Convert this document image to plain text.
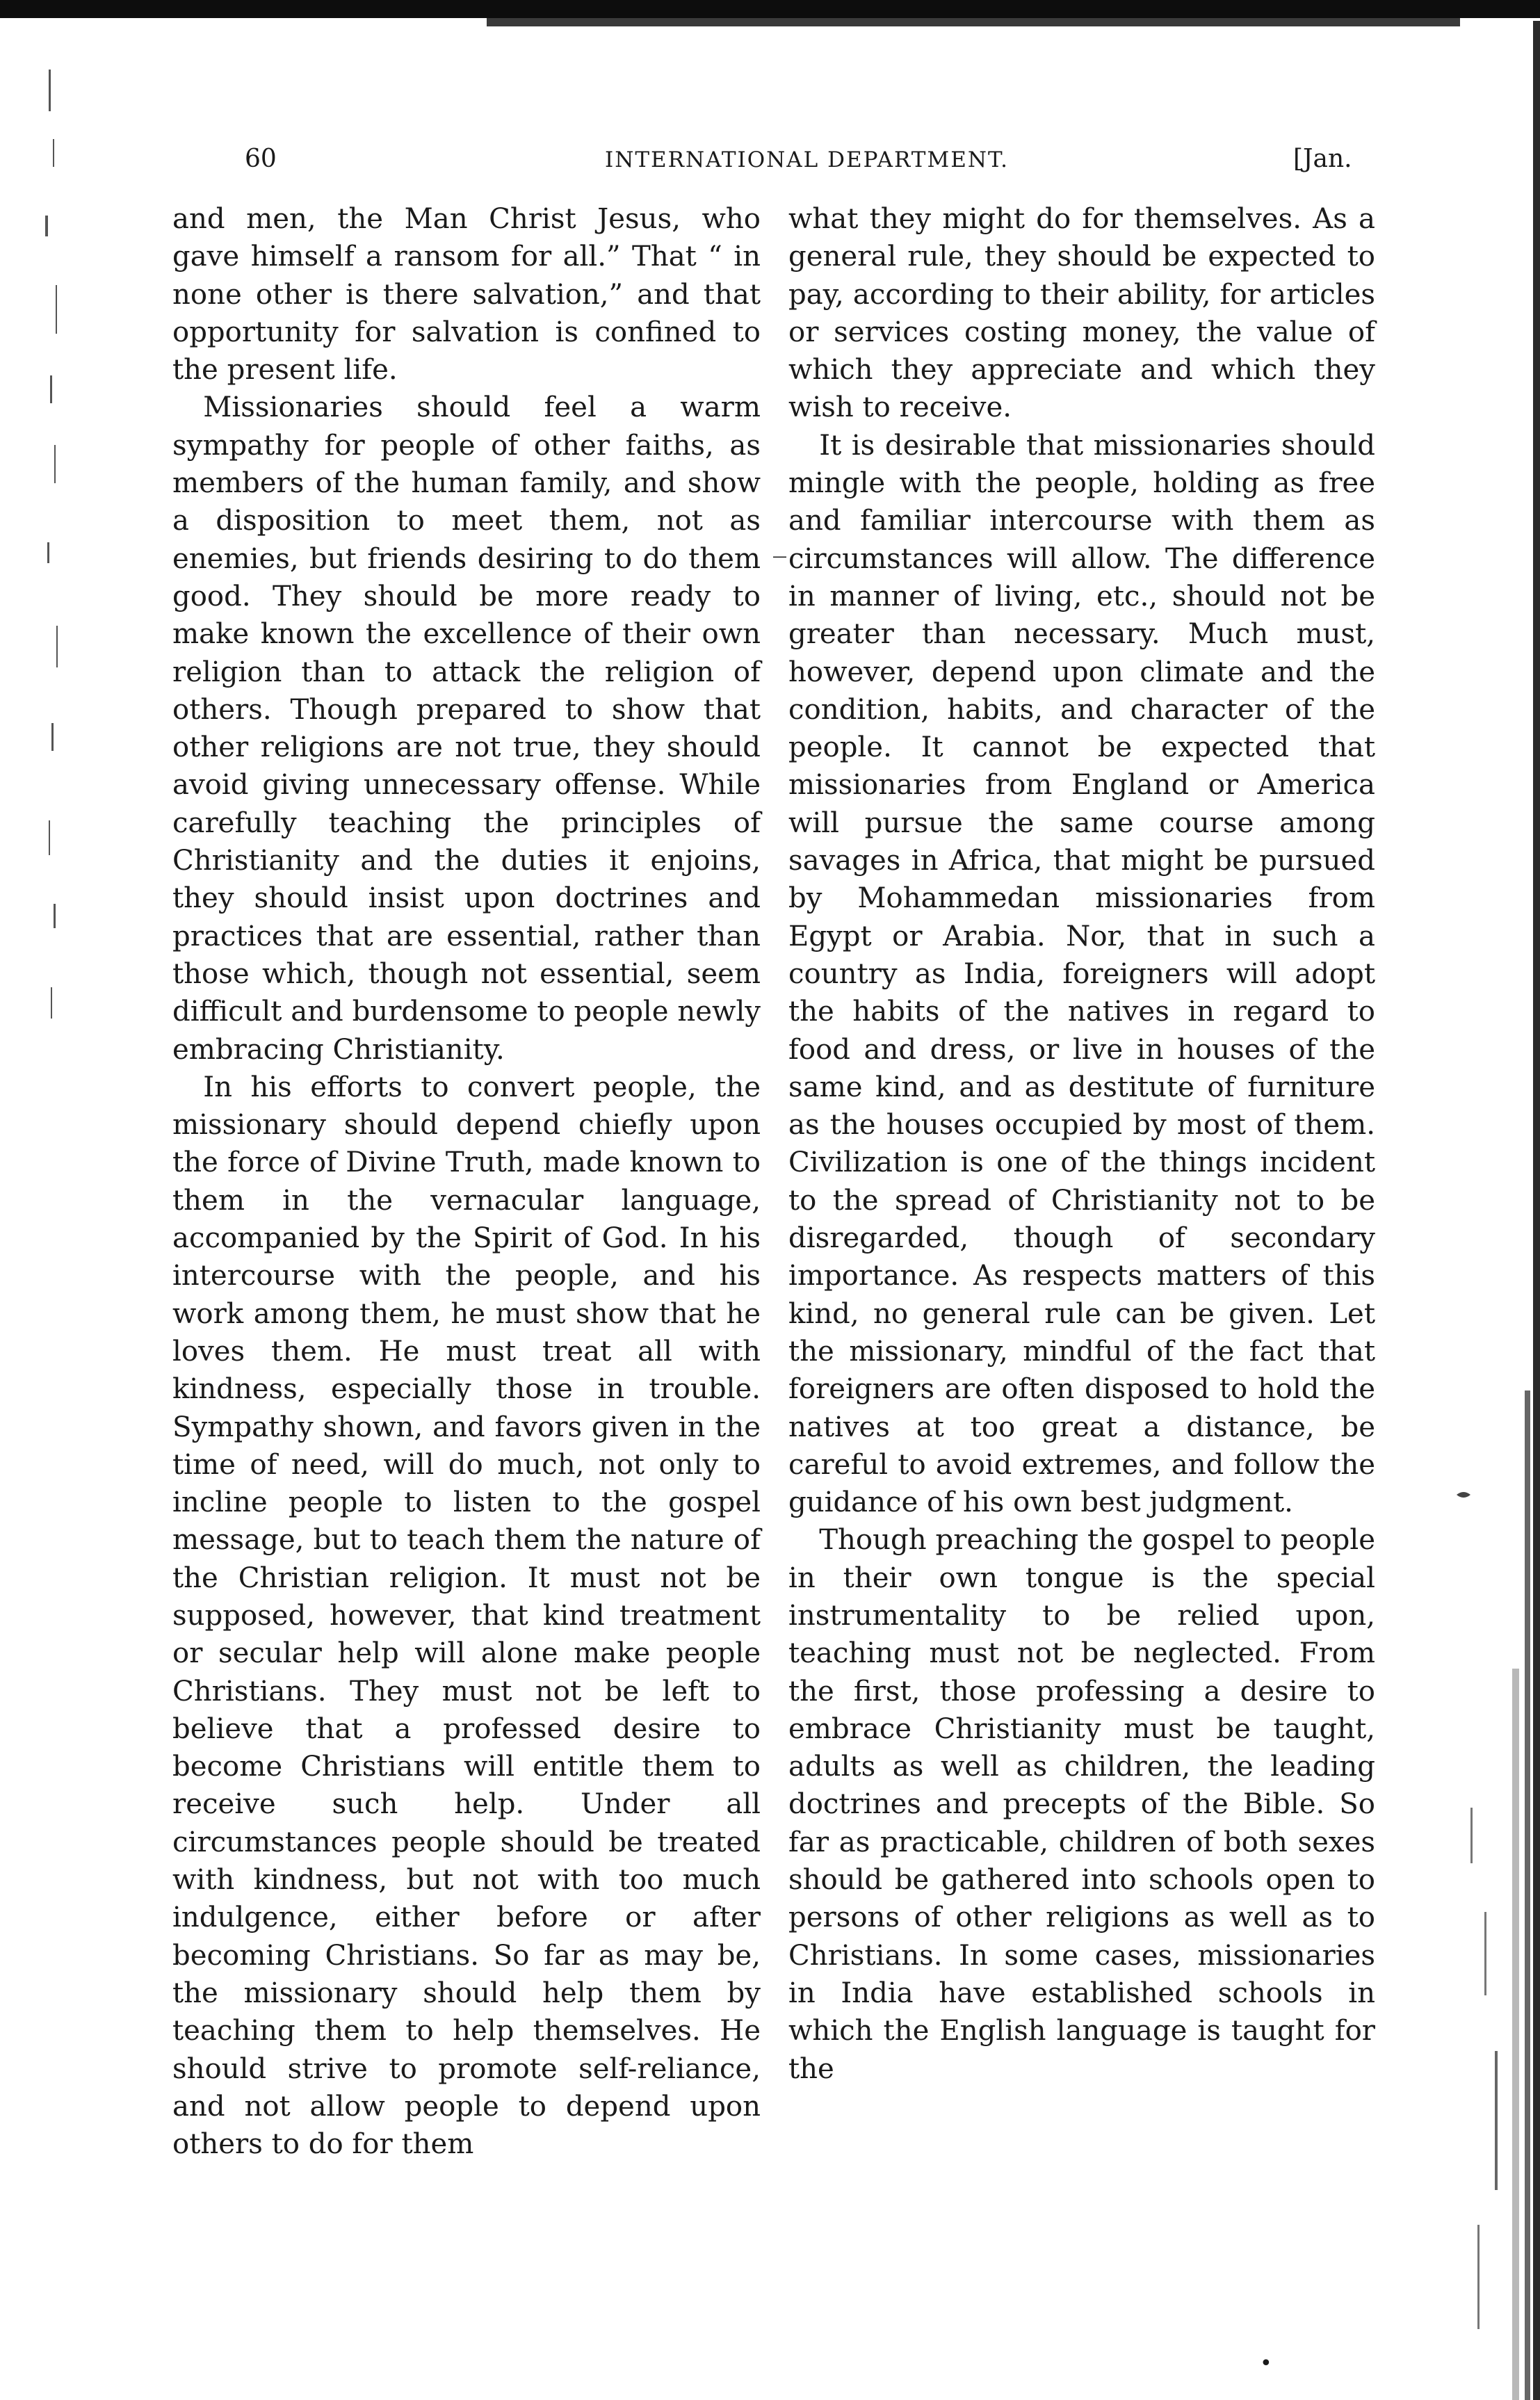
60	INTERNATIONAL DEPARTMENT.	[Jan.

and men, the Man Christ Jesus, who gave himself a ransom for all.” That “ in none other is there salvation,” and that opportunity for salvation is confined to the present life.

Missionaries should feel a warm sympathy for people of other faiths, as members of the human family, and show a disposition to meet them, not as enemies, but friends desiring to do them good. They should be more ready to make known the excellence of their own religion than to attack the religion of others. Though prepared to show that other religions are not true, they should avoid giving unnecessary offense. While carefully teaching the principles of Christianity and the duties it enjoins, they should insist upon doctrines and practices that are essential, rather than those which, though not essential, seem difficult and burdensome to people newly embracing Christianity.

In his efforts to convert people, the missionary should depend chiefly upon the force of Divine Truth, made known to them in the vernacular language, accompanied by the Spirit of God. In his intercourse with the people, and his work among them, he must show that he loves them. He must treat all with kindness, especially those in trouble. Sympathy shown, and favors given in the time of need, will do much, not only to incline people to listen to the gospel message, but to teach them the nature of the Christian religion. It must not be supposed, however, that kind treatment or secular help will alone make people Christians. They must not be left to believe that a professed desire to become Christians will entitle them to receive such help. Under all circumstances people should be treated with kindness, but not with too much indulgence, either before or after becoming Christians. So far as may be, the missionary should help them by teaching them to help themselves. He should strive to promote self-reliance, and not allow people to depend upon others to do for them

what they might do for themselves. As a general rule, they should be expected to pay, according to their ability, for articles or services costing money, the value of which they appreciate and which they wish to receive.

It is desirable that missionaries should mingle with the people, holding as free and familiar intercourse with them as circumstances will allow. The difference in manner of living, etc., should not be greater than necessary. Much must, however, depend upon climate and the condition, habits, and character of the people. It cannot be expected that missionaries from England or America will pursue the same course among savages in Africa, that might be pursued by Mohammedan missionaries from Egypt or Arabia. Nor, that in such a country as India, foreigners will adopt the habits of the natives in regard to food and dress, or live in houses of the same kind, and as destitute of furniture as the houses occupied by most of them. Civilization is one of the things incident to the spread of Christianity not to be disregarded, though of secondary importance. As respects matters of this kind, no general rule can be given. Let the missionary, mindful of the fact that foreigners are often disposed to hold the natives at too great a distance, be careful to avoid extremes, and follow the guidance of his own best judgment.

Though preaching the gospel to people in their own tongue is the special instrumentality to be relied upon, teaching must not be neglected. From the first, those professing a desire to embrace Christianity must be taught, adults as well as children, the leading doctrines and precepts of the Bible. So far as practicable, children of both sexes should be gathered into schools open to persons of other religions as well as to Christians. In some cases, missionaries in India have established schools in which the English language is taught for the

_
•
